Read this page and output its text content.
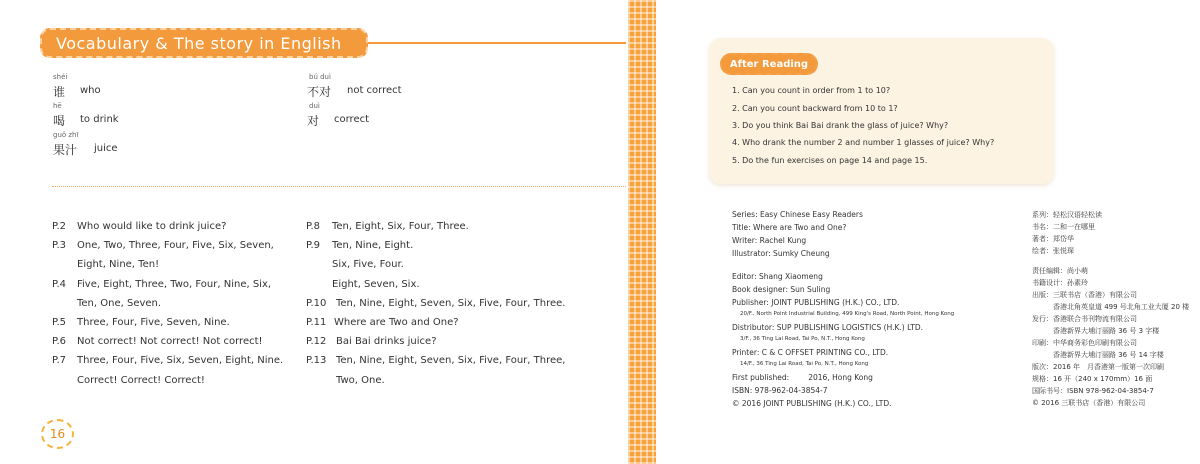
Vocabulary & The story in English
shéi
谁 who
hē
喝 to drink
guǒ zhī
果汁 juice
bú duì
不对 not correct
duì
对 correct
P.2 Who would like to drink juice?
P.3 One, Two, Three, Four, Five, Six, Seven,
Eight, Nine, Ten!
P.4 Five, Eight, Three, Two, Four, Nine, Six,
Ten, One, Seven.
P.5 Three, Four, Five, Seven, Nine.
P.6 Not correct! Not correct! Not correct!
P.7 Three, Four, Five, Six, Seven, Eight, Nine.
Correct! Correct! Correct!
P.8 Ten, Eight, Six, Four, Three.
P.9 Ten, Nine, Eight.
Six, Five, Four.
Eight, Seven, Six.
P.10 Ten, Nine, Eight, Seven, Six, Five, Four, Three.
P.11 Where are Two and One?
P.12 Bai Bai drinks juice?
P.13 Ten, Nine, Eight, Seven, Six, Five, Four, Three,
Two, One.
16
After Reading
1. Can you count in order from 1 to 10?
2. Can you count backward from 10 to 1?
3. Do you think Bai Bai drank the glass of juice? Why?
4. Who drank the number 2 and number 1 glasses of juice? Why?
5. Do the fun exercises on page 14 and page 15.
Series: Easy Chinese Easy Readers
Title: Where are Two and One?
Writer: Rachel Kung
Illustrator: Sumky Cheung
Editor: Shang Xiaomeng
Book designer: Sun Suling
Publisher: JOINT PUBLISHING (H.K.) CO., LTD.
20/F., North Point Industrial Building, 499 King's Road, North Point, Hong Kong
Distributor: SUP PUBLISHING LOGISTICS (H.K.) LTD.
3/F., 36 Ting Lai Road, Tai Po, N.T., Hong Kong
Printer: C & C OFFSET PRINTING CO., LTD.
14/F., 36 Ting Lai Road, Tai Po, N.T., Hong Kong
First published:        2016, Hong Kong
ISBN: 978-962-04-3854-7
© 2016 JOINT PUBLISHING (H.K.) CO., LTD.
系列：轻松汉语轻松读
书名：二和一在哪里
著者：郑岱华
绘者：张悦琛
责任编辑：尚小萌
书籍设计：孙素玲
出版：三联书店（香港）有限公司
　　　香港北角英皇道 499 号北角工业大厦 20 楼
发行：香港联合书刊物流有限公司
　　　香港新界大埔汀丽路 36 号 3 字楼
印刷：中华商务彩色印刷有限公司
　　　香港新界大埔汀丽路 36 号 14 字楼
版次：2016 年　月香港第一版第一次印刷
规格：16 开（240 x 170mm）16 面
国际书号：ISBN 978-962-04-3854-7
© 2016 三联书店（香港）有限公司
